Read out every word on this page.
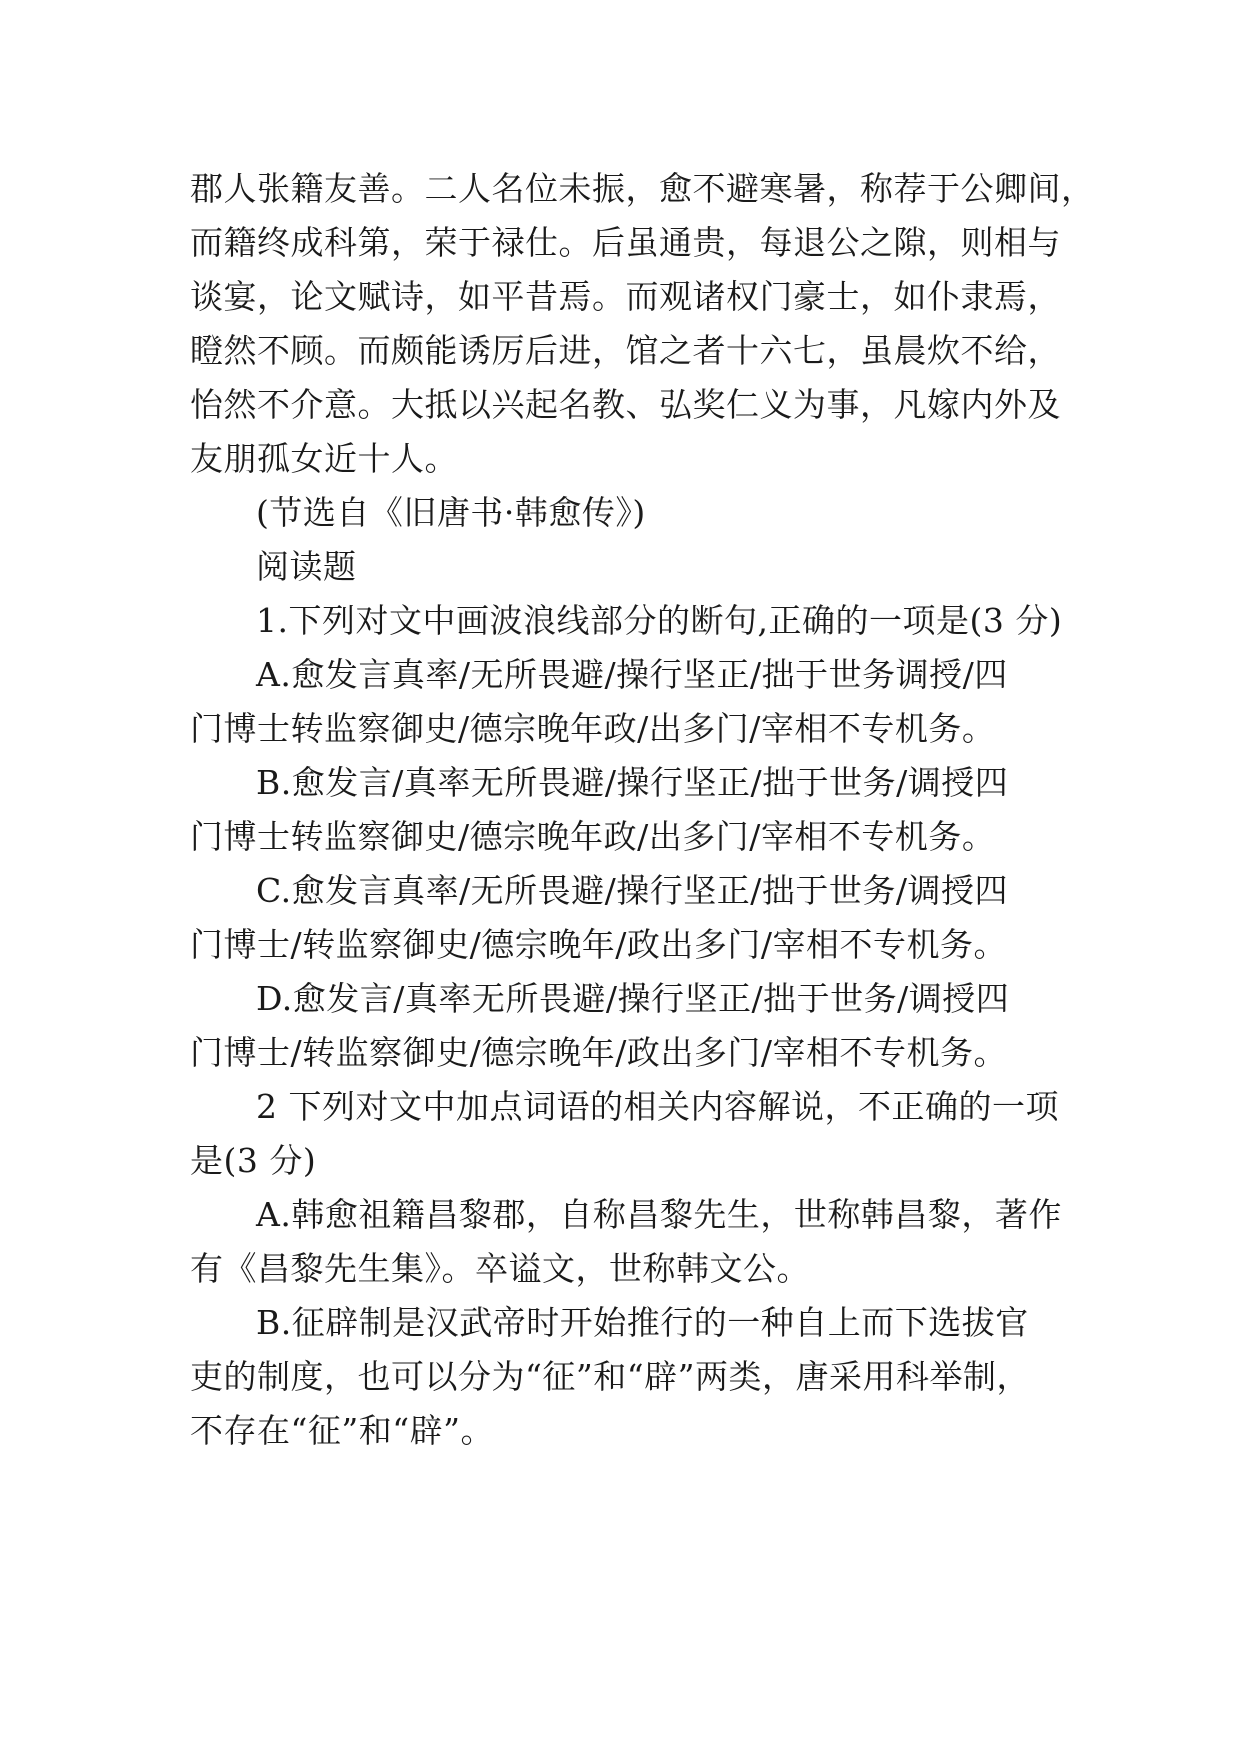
郡人张籍友善。二人名位未振，愈不避寒暑，称荐于公卿间，
而籍终成科第，荣于禄仕。后虽通贵，每退公之隙，则相与
谈宴，论文赋诗，如平昔焉。而观诸权门豪士，如仆隶焉，
瞪然不顾。而颇能诱厉后进，馆之者十六七，虽晨炊不给，
怡然不介意。大抵以兴起名教、弘奖仁义为事，凡嫁内外及
友朋孤女近十人。
(节选自《旧唐书·韩愈传》)
阅读题
1.下列对文中画波浪线部分的断句,正确的一项是(3 分)
A.愈发言真率/无所畏避/操行坚正/拙于世务调授/四
门博士转监察御史/德宗晚年政/出多门/宰相不专机务。
B.愈发言/真率无所畏避/操行坚正/拙于世务/调授四
门博士转监察御史/德宗晚年政/出多门/宰相不专机务。
C.愈发言真率/无所畏避/操行坚正/拙于世务/调授四
门博士/转监察御史/德宗晚年/政出多门/宰相不专机务。
D.愈发言/真率无所畏避/操行坚正/拙于世务/调授四
门博士/转监察御史/德宗晚年/政出多门/宰相不专机务。
2 下列对文中加点词语的相关内容解说，不正确的一项
是(3 分)
A.韩愈祖籍昌黎郡，自称昌黎先生，世称韩昌黎，著作
有《昌黎先生集》。卒谥文，世称韩文公。
B.征辟制是汉武帝时开始推行的一种自上而下选拔官
吏的制度，也可以分为“征”和“辟”两类，唐采用科举制，
不存在“征”和“辟”。
